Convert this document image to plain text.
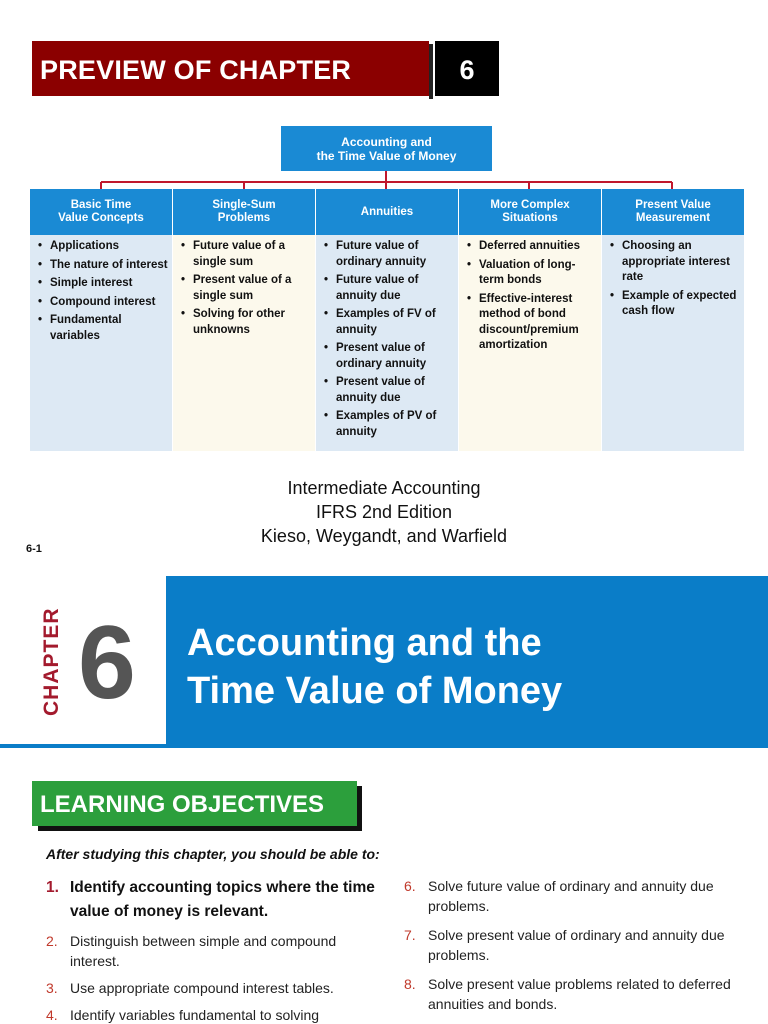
PREVIEW OF CHAPTER	6
Accounting and
the Time Value of Money
Basic Time
Value Concepts
• Applications
• The nature of interest
• Simple interest
• Compound interest
• Fundamental variables
Single-Sum
Problems
• Future value of a single sum
• Present value of a single sum
• Solving for other unknowns
Annuities
• Future value of ordinary annuity
• Future value of annuity due
• Examples of FV of annuity
• Present value of ordinary annuity
• Present value of annuity due
• Examples of PV of annuity
More Complex
Situations
• Deferred annuities
• Valuation of long-term bonds
• Effective-interest method of bond discount/premium amortization
Present Value
Measurement
• Choosing an appropriate interest rate
• Example of expected cash flow
Intermediate Accounting
IFRS 2nd Edition
Kieso, Weygandt, and Warfield
6-1
CHAPTER 6 Accounting and the
Time Value of Money
LEARNING OBJECTIVES
After studying this chapter, you should be able to:
1. Identify accounting topics where the time value of money is relevant.
2. Distinguish between simple and compound interest.
3. Use appropriate compound interest tables.
4. Identify variables fundamental to solving
6. Solve future value of ordinary and annuity due problems.
7. Solve present value of ordinary and annuity due problems.
8. Solve present value problems related to deferred annuities and bonds.
